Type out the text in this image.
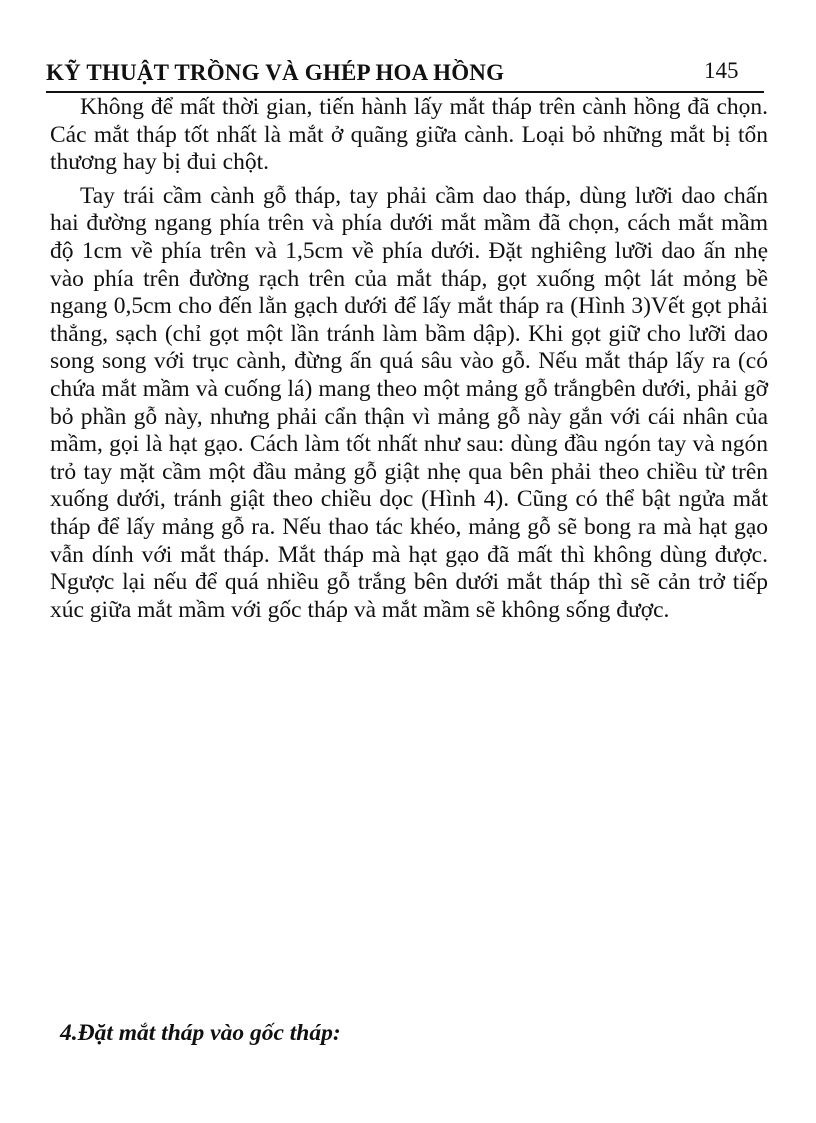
KỸ THUẬT TRỒNG VÀ GHÉP HOA HỒNG	145

Không để mất thời gian, tiến hành lấy mắt tháp trên cành hồng đã chọn. Các mắt tháp tốt nhất là mắt ở quãng giữa cành. Loại bỏ những mắt bị tổn thương hay bị đui chột.

Tay trái cầm cành gỗ tháp, tay phải cầm dao tháp, dùng lưỡi dao chấn hai đường ngang phía trên và phía dưới mắt mầm đã chọn, cách mắt mầm độ 1cm về phía trên và 1,5cm về phía dưới. Đặt nghiêng lưỡi dao ấn nhẹ vào phía trên đường rạch trên của mắt tháp, gọt xuống một lát mỏng bề ngang 0,5cm cho đến lằn gạch dưới để lấy mắt tháp ra (Hình 3)Vết gọt phải thẳng, sạch (chỉ gọt một lần tránh làm bầm dập). Khi gọt giữ cho lưỡi dao song song với trục cành, đừng ấn quá sâu vào gỗ. Nếu mắt tháp lấy ra (có chứa mắt mầm và cuống lá) mang theo một mảng gỗ trắngbên dưới, phải gỡ bỏ phần gỗ này, nhưng phải cẩn thận vì mảng gỗ này gắn với cái nhân của mầm, gọi là hạt gạo. Cách làm tốt nhất như sau: dùng đầu ngón tay và ngón trỏ tay mặt cầm một đầu mảng gỗ giật nhẹ qua bên phải theo chiều từ trên xuống dưới, tránh giật theo chiều dọc (Hình 4). Cũng có thể bật ngửa mắt tháp để lấy mảng gỗ ra. Nếu thao tác khéo, mảng gỗ sẽ bong ra mà hạt gạo vẫn dính với mắt tháp. Mắt tháp mà hạt gạo đã mất thì không dùng được. Ngược lại nếu để quá nhiều gỗ trắng bên dưới mắt tháp thì sẽ cản trở tiếp xúc giữa mắt mầm với gốc tháp và mắt mầm sẽ không sống được.

4.Đặt mắt tháp vào gốc tháp:
